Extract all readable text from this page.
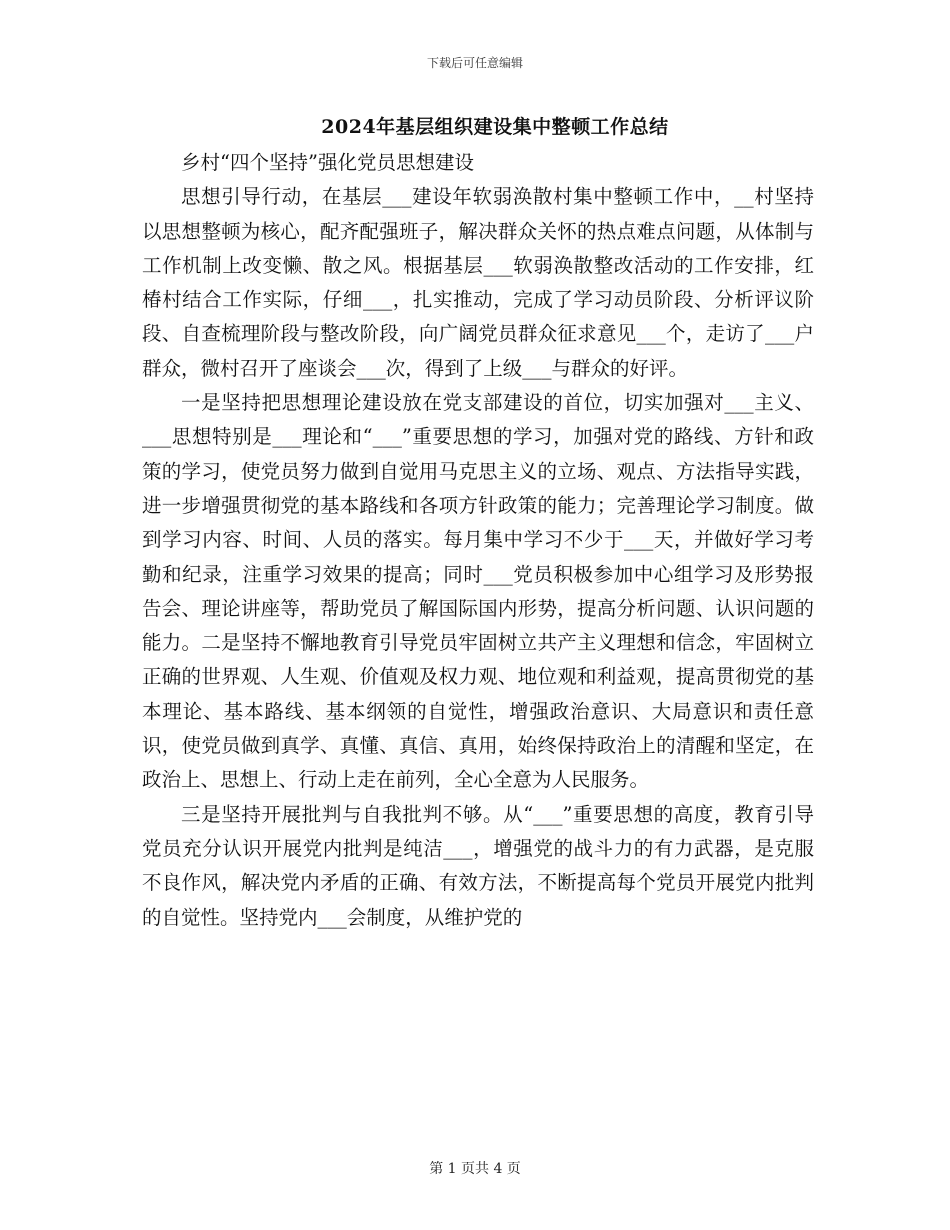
下载后可任意编辑
2024年基层组织建设集中整顿工作总结

乡村“四个坚持”强化党员思想建设

思想引导行动，在基层___建设年软弱涣散村集中整顿工作中，__村坚持以思想整顿为核心，配齐配强班子，解决群众关怀的热点难点问题，从体制与工作机制上改变懒、散之风。根据基层___软弱涣散整改活动的工作安排，红椿村结合工作实际，仔细___，扎实推动，完成了学习动员阶段、分析评议阶段、自查梳理阶段与整改阶段，向广阔党员群众征求意见___个，走访了___户群众，微村召开了座谈会___次，得到了上级___与群众的好评。

一是坚持把思想理论建设放在党支部建设的首位，切实加强对___主义、___思想特别是___理论和“___”重要思想的学习，加强对党的路线、方针和政策的学习，使党员努力做到自觉用马克思主义的立场、观点、方法指导实践，进一步增强贯彻党的基本路线和各项方针政策的能力；完善理论学习制度。做到学习内容、时间、人员的落实。每月集中学习不少于___天，并做好学习考勤和纪录，注重学习效果的提高；同时___党员积极参加中心组学习及形势报告会、理论讲座等，帮助党员了解国际国内形势，提高分析问题、认识问题的能力。二是坚持不懈地教育引导党员牢固树立共产主义理想和信念，牢固树立正确的世界观、人生观、价值观及权力观、地位观和利益观，提高贯彻党的基本理论、基本路线、基本纲领的自觉性，增强政治意识、大局意识和责任意识，使党员做到真学、真懂、真信、真用，始终保持政治上的清醒和坚定，在政治上、思想上、行动上走在前列，全心全意为人民服务。

三是坚持开展批判与自我批判不够。从“___”重要思想的高度，教育引导党员充分认识开展党内批判是纯洁___，增强党的战斗力的有力武器，是克服不良作风，解决党内矛盾的正确、有效方法，不断提高每个党员开展党内批判的自觉性。坚持党内___会制度，从维护党的

第 1 页共 4 页
